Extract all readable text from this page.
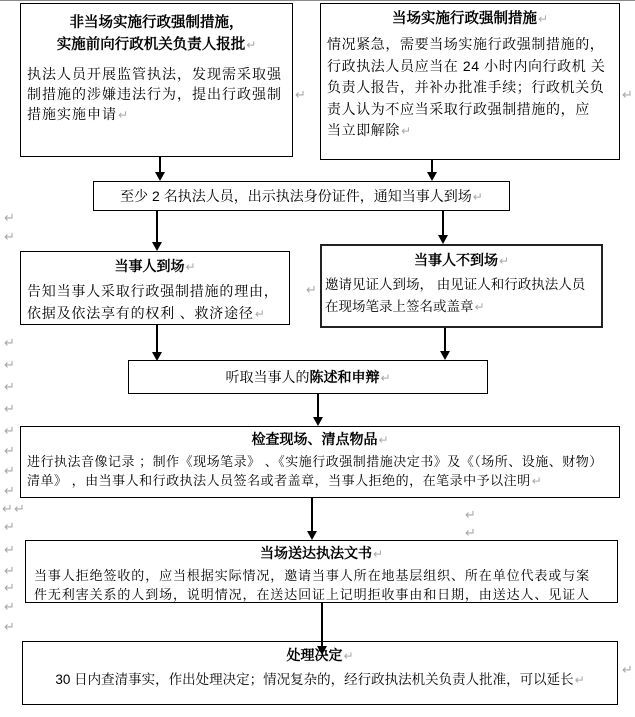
非当场实施行政强制措施，
实施前向行政机关负责人报批↵
执法人员开展监管执法，发现需采取强
制措施的涉嫌违法行为，提出行政强制
措施实施申请↵
当场实施行政强制措施↵
情况紧急，需要当场实施行政强制措施的，
行政执法人员应当在 24 小时内向行政机 关
负责人报告，并补办批准手续；行政机关负
责人认为不应当采取行政强制措施的，应
当立即解除↵
至少 2 名执法人员，出示执法身份证件，通知当事人到场↵
当事人到场↵
告知当事人采取行政强制措施的理由，
依据及依法享有的权利 、救济途径↵
当事人不到场↵
邀请见证人到场， 由见证人和行政执法人员
在现场笔录上签名或盖章↵
听取当事人的陈述和申辩↵
检查现场、清点物品↵
进行执法音像记录 ；制作《现场笔录》 、《实施行政强制措施决定书》及《（场所、设施、财物）
清单》 ，由当事人和行政执法人员签名或者盖章，当事人拒绝的，在笔录中予以注明↵
当场送达执法文书↵
当事人拒绝签收的，应当根据实际情况，邀请当事人所在地基层组织、所在单位代表或与案
件无利害关系的人到场，说明情况，在送达回证上记明拒收事由和日期，由送达人、见证人
处理决定↵
30 日内查清事实，作出处理决定；情况复杂的，经行政执法机关负责人批准，可以延长↵
↵
↵
↵	↵
↵
↵
↵
↵
↵
↵
↵
↵
↵
↵ ↵
↵
↵
↵
↵
↵
↵
↵
↵
↵
